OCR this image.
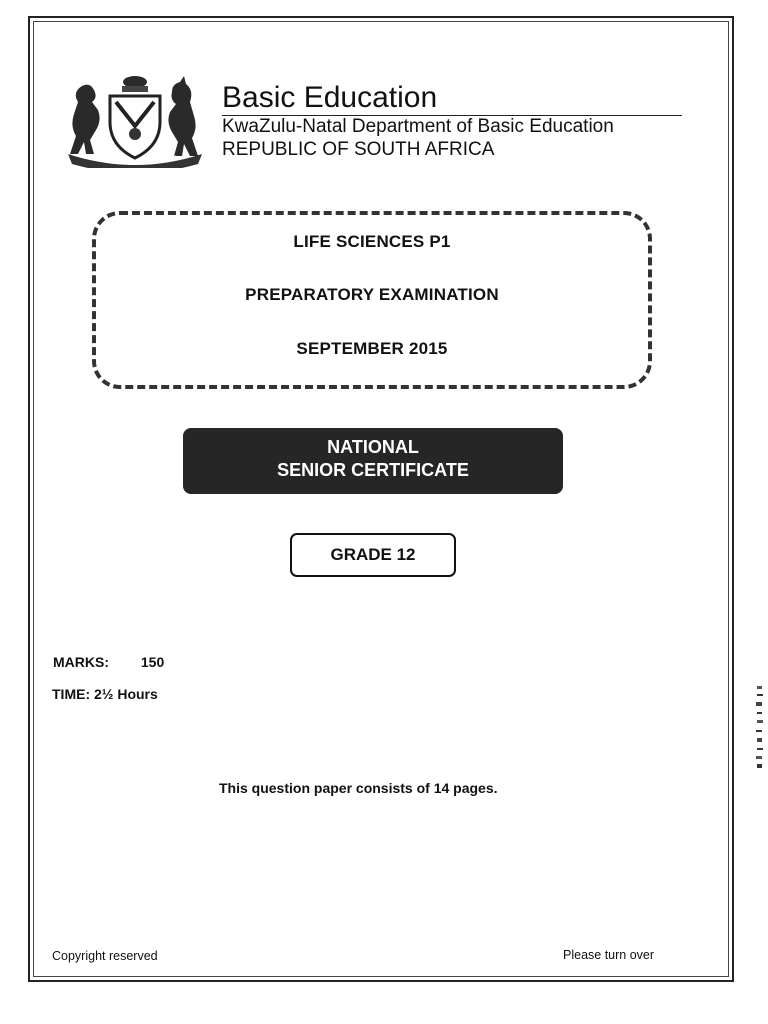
Basic Education
KwaZulu-Natal Department of Basic Education
REPUBLIC OF SOUTH AFRICA
LIFE SCIENCES P1
PREPARATORY EXAMINATION
SEPTEMBER 2015
NATIONAL
SENIOR CERTIFICATE
GRADE 12
MARKS: 150
TIME: 2½ Hours
This question paper consists of 14 pages.
Copyright reserved	Please turn over
